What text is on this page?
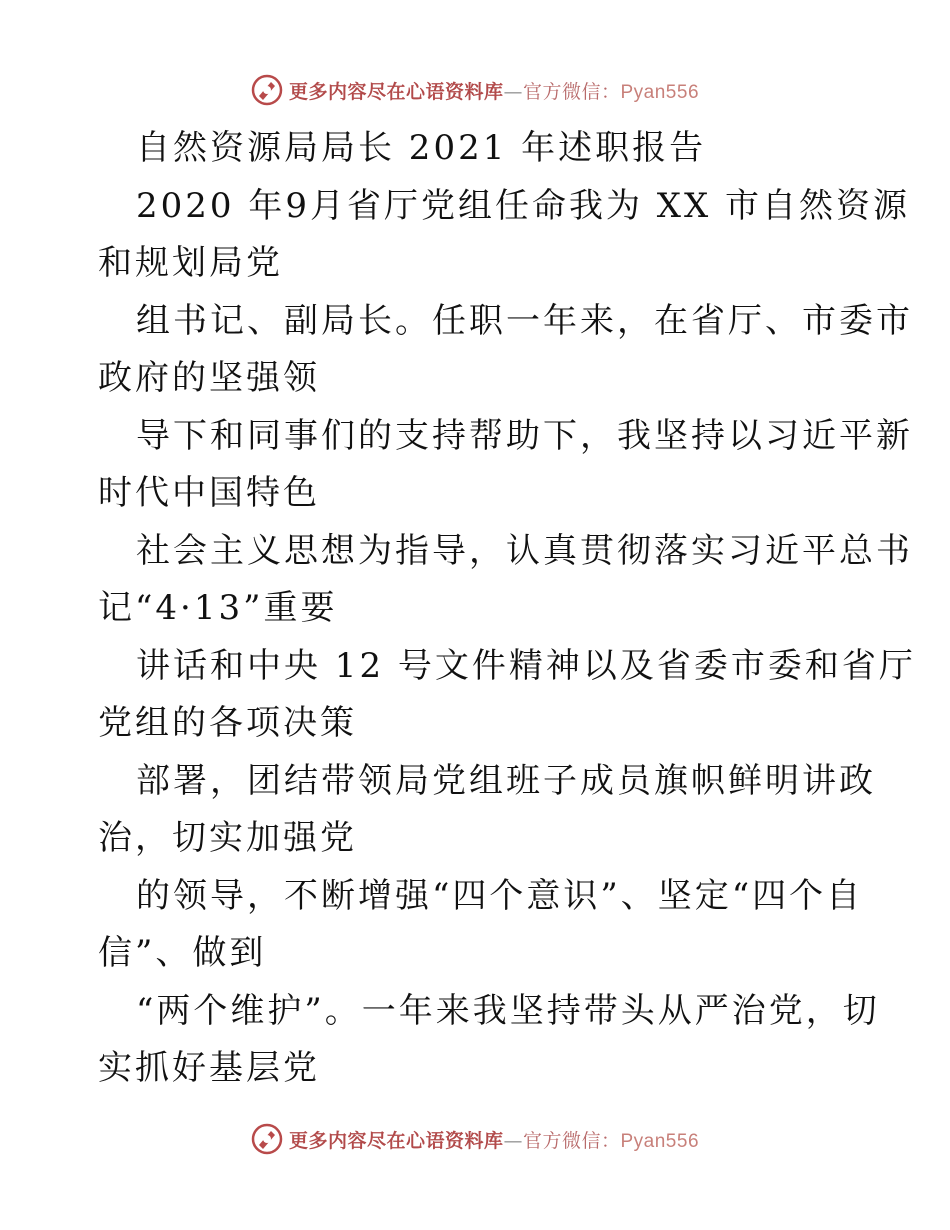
更多内容尽在心语资料库—官方微信：Pyan556

自然资源局局长 2021 年述职报告

2020 年9月省厅党组任命我为 XX 市自然资源

和规划局党

组书记、副局长。任职一年来，在省厅、市委市

政府的坚强领

导下和同事们的支持帮助下，我坚持以习近平新

时代中国特色

社会主义思想为指导，认真贯彻落实习近平总书

记“4·13”重要

讲话和中央 12 号文件精神以及省委市委和省厅

党组的各项决策

部署，团结带领局党组班子成员旗帜鲜明讲政

治，切实加强党

的领导，不断增强“四个意识”、坚定“四个自

信”、做到

“两个维护”。一年来我坚持带头从严治党，切

实抓好基层党

更多内容尽在心语资料库—官方微信：Pyan556
